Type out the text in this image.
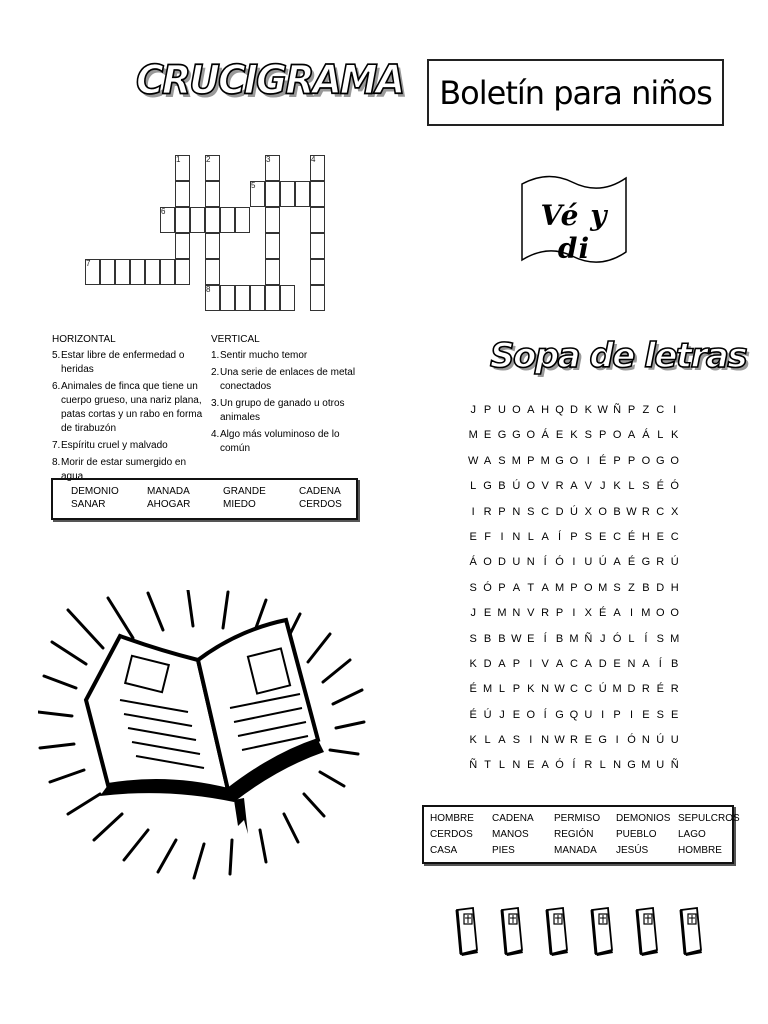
CRUCIGRAMA
1	2	3	4
5
6
7
8
HORIZONTAL
5. Estar libre de enfermedad o heridas
6. Animales de finca que tiene un cuerpo grueso, una nariz plana, patas cortas y un rabo en forma de tirabuzón
7. Espíritu cruel y malvado
8. Morir de estar sumergido en agua
VERTICAL
1. Sentir mucho temor
2. Una serie de enlaces de metal conectados
3. Un grupo de ganado u otros animales
4. Algo más voluminoso de lo común
DEMONIO	MANADA	GRANDE	CADENA
SANAR	AHOGAR	MIEDO	CERDOS
Boletín para niños
Vé y di
Sopa de letras
J P U O A H Q D K W Ñ P Z C I
M E G G O Á E K S P O A Á L K
W A S M P M G O I É P P O G O
L G B Ú O V R A V J K L S É Ó
I R P N S C D Ú X O B W R C X
E F I N L A Í P S E C É H E C
Á O D U N Í Ó I U Ú A É G R Ú
S Ó P A T A M P O M S Z B D H
J E M N V R P I X É A I M O O
S B B W E Í B M Ñ J Ó L Í S M
K D A P I V A C A D E N A Í B
É M L P K N W C C Ú M D R É R
É Ú J E O Í G Q U I P I E S E
K L A S I N W R E G I Ó N Ú U
Ñ T L N E A Ó Í R L N G M U Ñ
HOMBRE	CADENA	PERMISO	DEMONIOS SEPULCROS
CERDOS	MANOS	REGIÓN	PUEBLO	LAGO
CASA	PIES	MANADA	JESÚS	HOMBRE
